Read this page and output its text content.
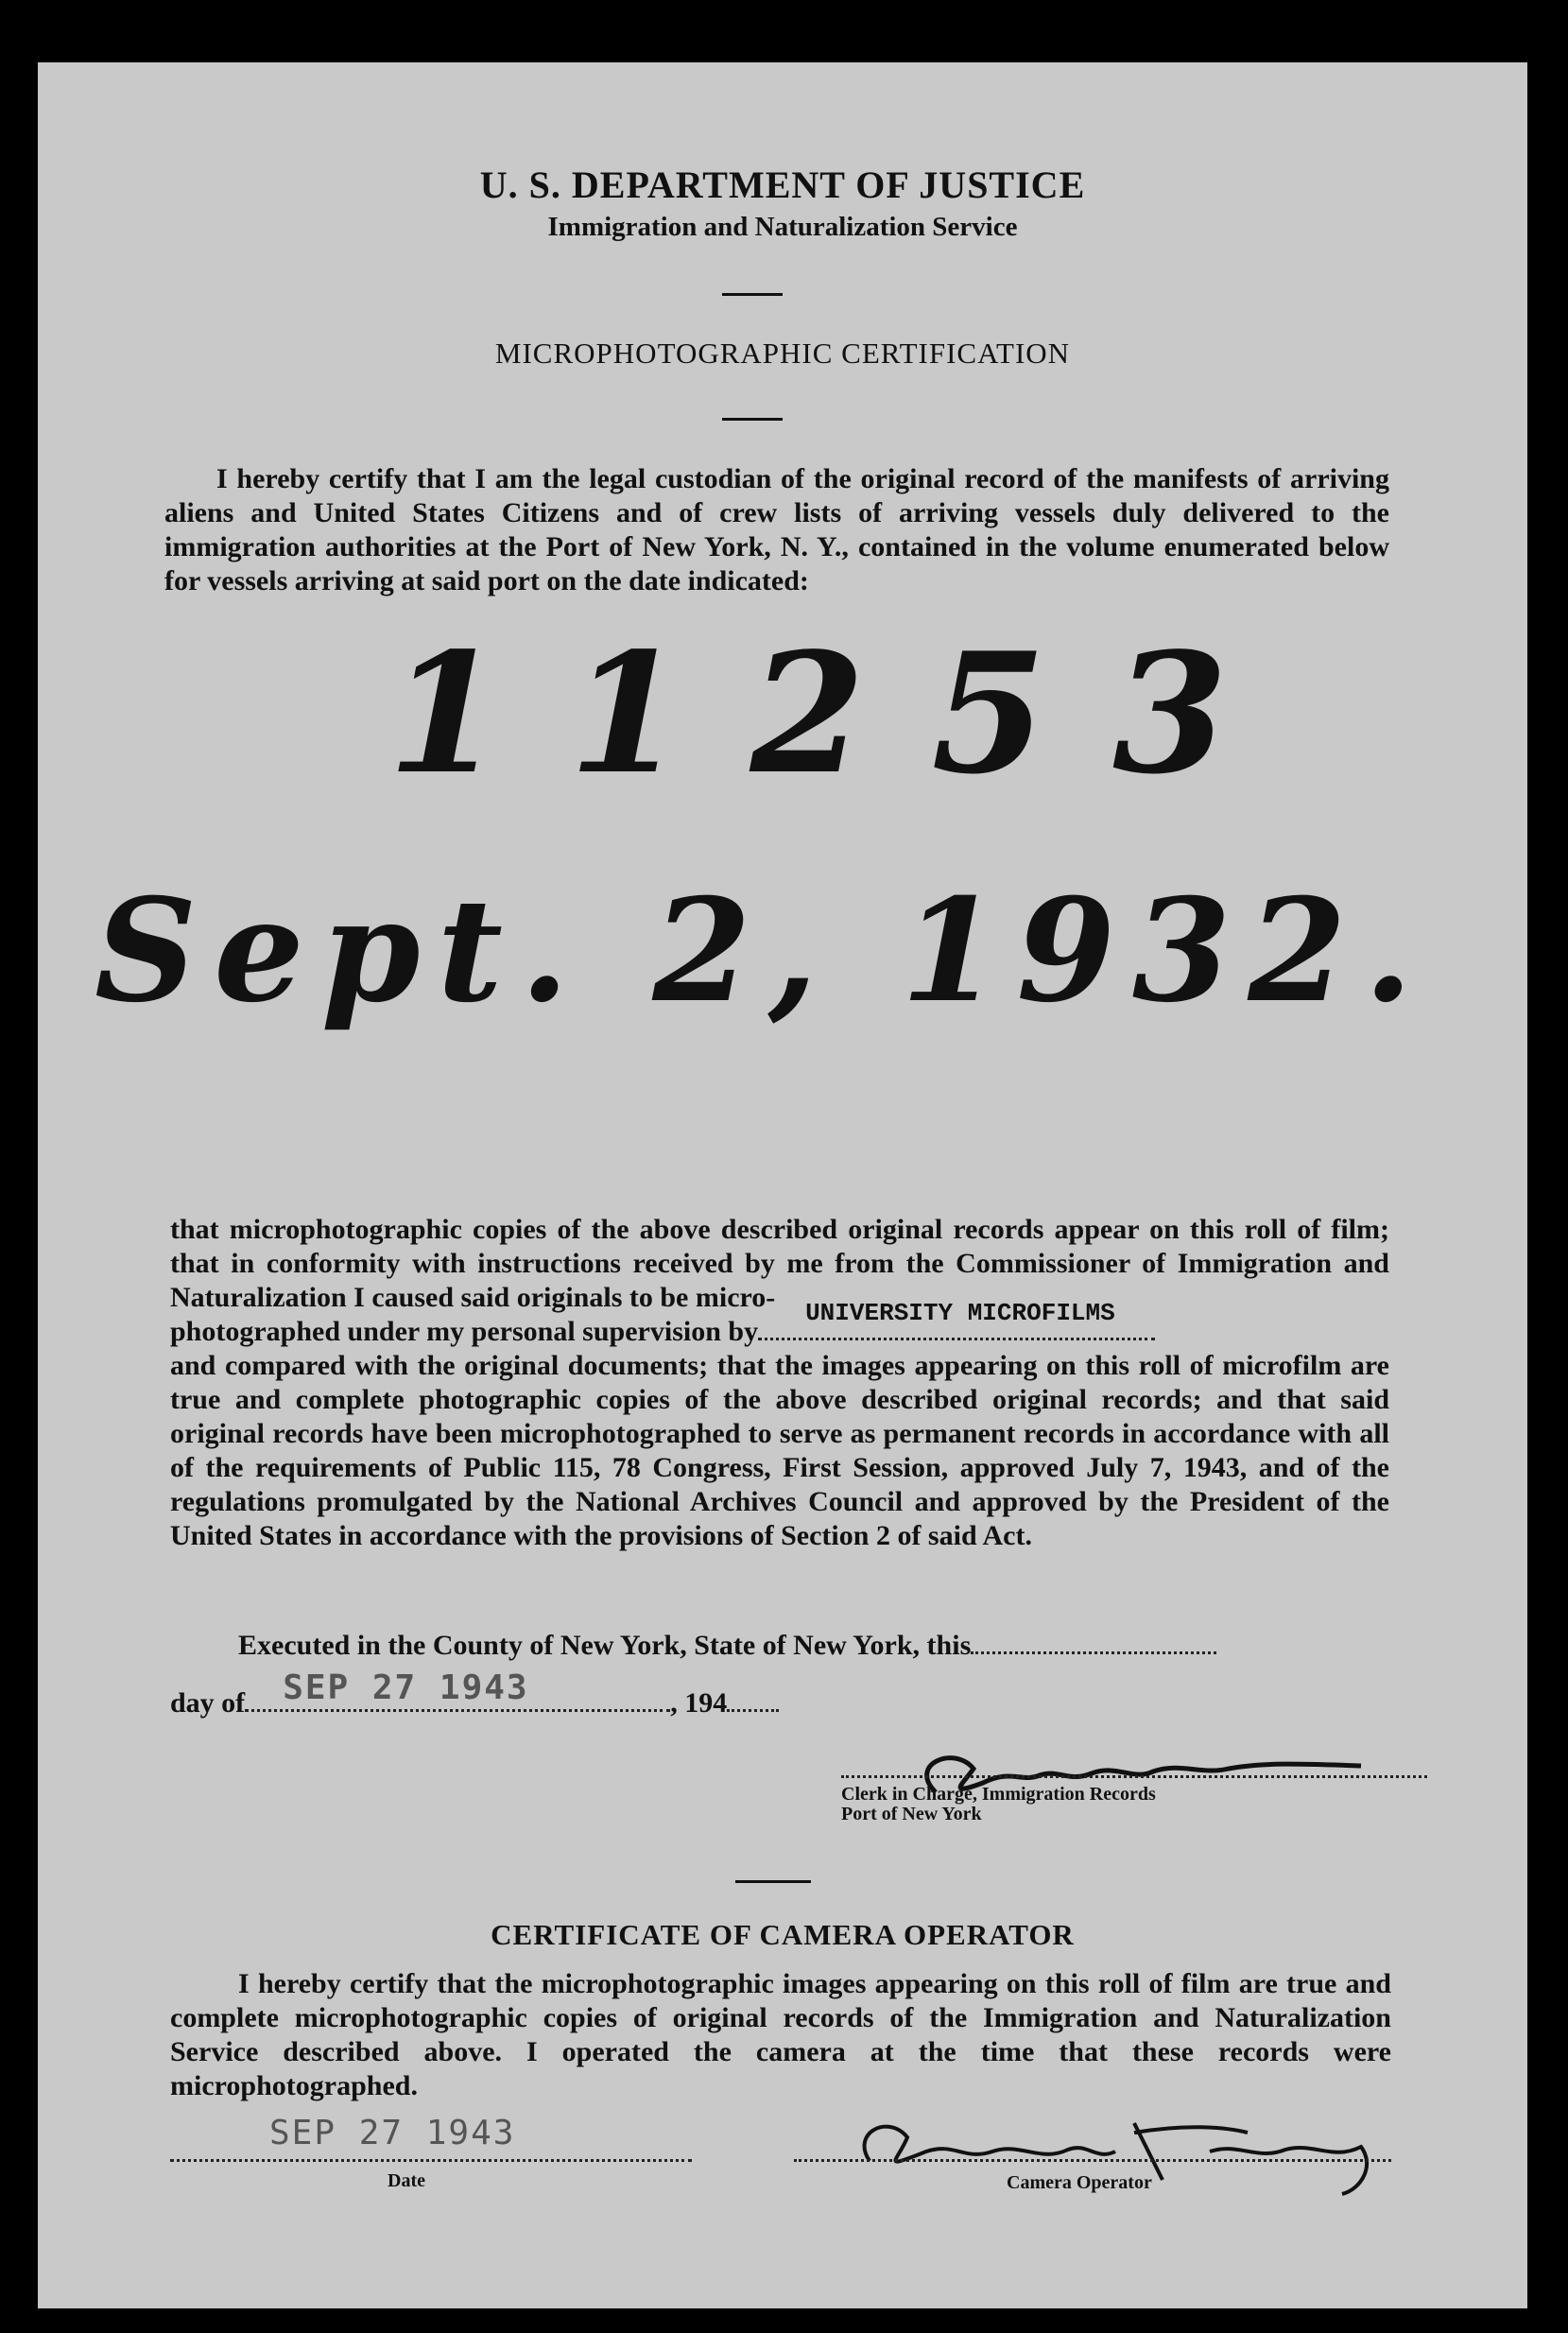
U. S. DEPARTMENT OF JUSTICE
Immigration and Naturalization Service
MICROPHOTOGRAPHIC CERTIFICATION
I hereby certify that I am the legal custodian of the original record of the manifests of arriving aliens and United States Citizens and of crew lists of arriving vessels duly delivered to the immigration authorities at the Port of New York, N. Y., contained in the volume enumerated below for vessels arriving at said port on the date indicated:
11253
Sept. 2, 1932.
that microphotographic copies of the above described original records appear on this roll of film; that in conformity with instructions received by me from the Commissioner of Immigration and Naturalization I caused said originals to be micro-
photographed under my personal supervision by
UNIVERSITY MICROFILMS

and compared with the original documents; that the images appearing on this roll of microfilm are true and complete photographic copies of the above described original records; and that said original records have been microphotographed to serve as permanent records in accordance with all of the requirements of Public 115, 78 Congress, First Session, approved July 7, 1943, and of the regulations promulgated by the National Archives Council and approved by the President of the United States in accordance with the provisions of Section 2 of said Act.
Executed in the County of New York, State of New York, this
day of SEP 27 1943	, 194
Clerk in Charge, Immigration Records
Port of New York
CERTIFICATE OF CAMERA OPERATOR
I hereby certify that the microphotographic images appearing on this roll of film are true and complete microphotographic copies of original records of the Immigration and Naturalization Service described above. I operated the camera at the time that these records were microphotographed.
SEP 27 1943
Date	Camera Operator
